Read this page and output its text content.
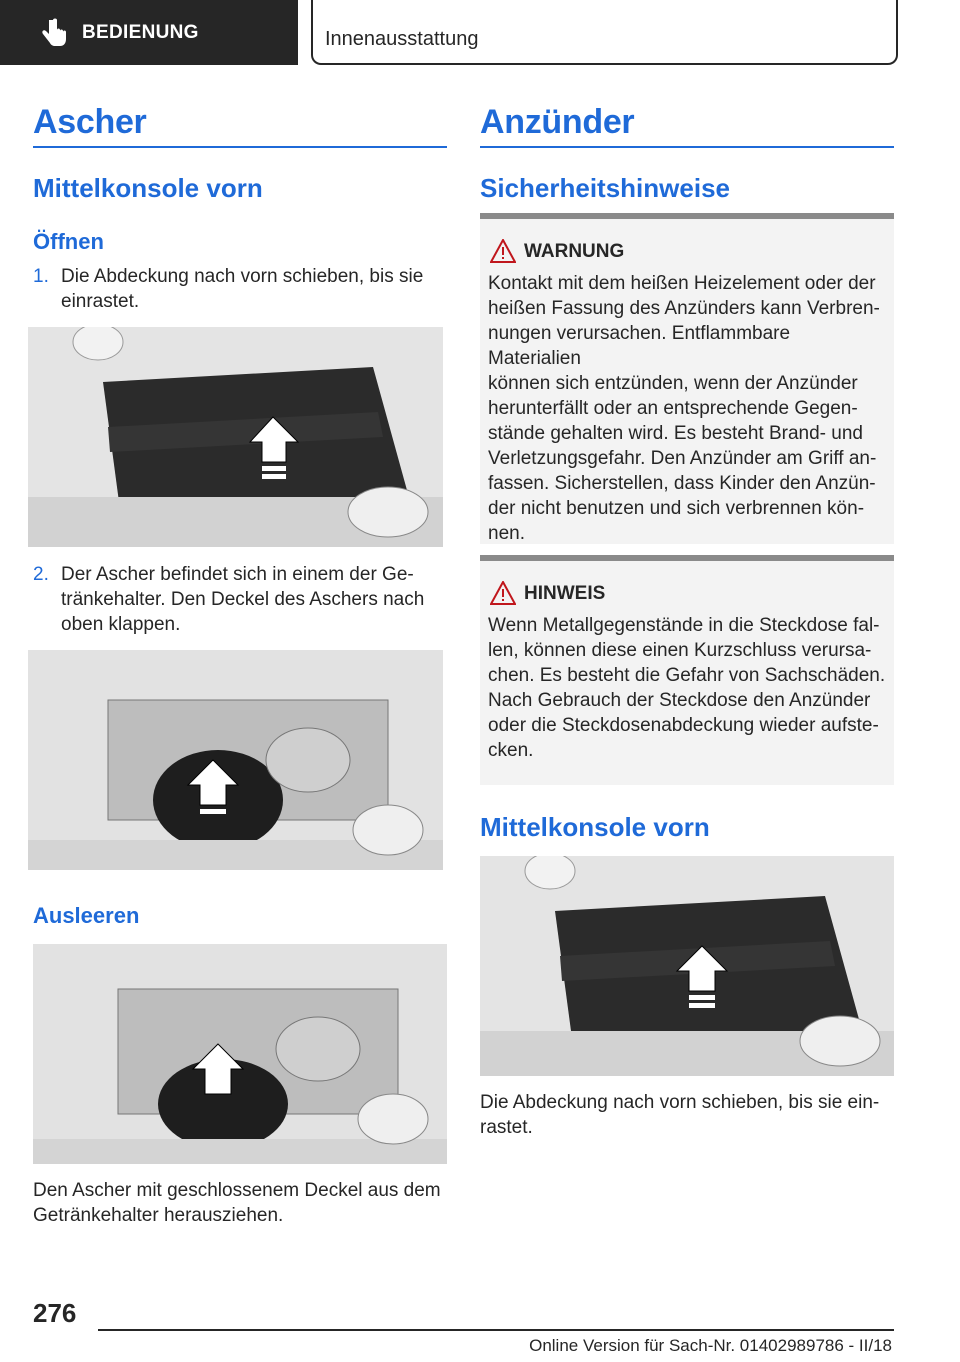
BEDIENUNG	Innenausstattung
Ascher
Mittelkonsole vorn
Öffnen
1. Die Abdeckung nach vorn schieben, bis sie
einrastet.
2. Der Ascher befindet sich in einem der Ge-
tränkehalter. Den Deckel des Aschers nach
oben klappen.
Ausleeren
Den Ascher mit geschlossenem Deckel aus dem
Getränkehalter herausziehen.
Anzünder
Sicherheitshinweise
WARNUNG
Kontakt mit dem heißen Heizelement oder der
heißen Fassung des Anzünders kann Verbren-
nungen verursachen. Entflammbare Materialien
können sich entzünden, wenn der Anzünder
herunterfällt oder an entsprechende Gegen-
stände gehalten wird. Es besteht Brand- und
Verletzungsgefahr. Den Anzünder am Griff an-
fassen. Sicherstellen, dass Kinder den Anzün-
der nicht benutzen und sich verbrennen kön-
nen.
HINWEIS
Wenn Metallgegenstände in die Steckdose fal-
len, können diese einen Kurzschluss verursa-
chen. Es besteht die Gefahr von Sachschäden.
Nach Gebrauch der Steckdose den Anzünder
oder die Steckdosenabdeckung wieder aufste-
cken.
Mittelkonsole vorn
Die Abdeckung nach vorn schieben, bis sie ein-
rastet.
276
Online Version für Sach-Nr. 01402989786 - II/18
